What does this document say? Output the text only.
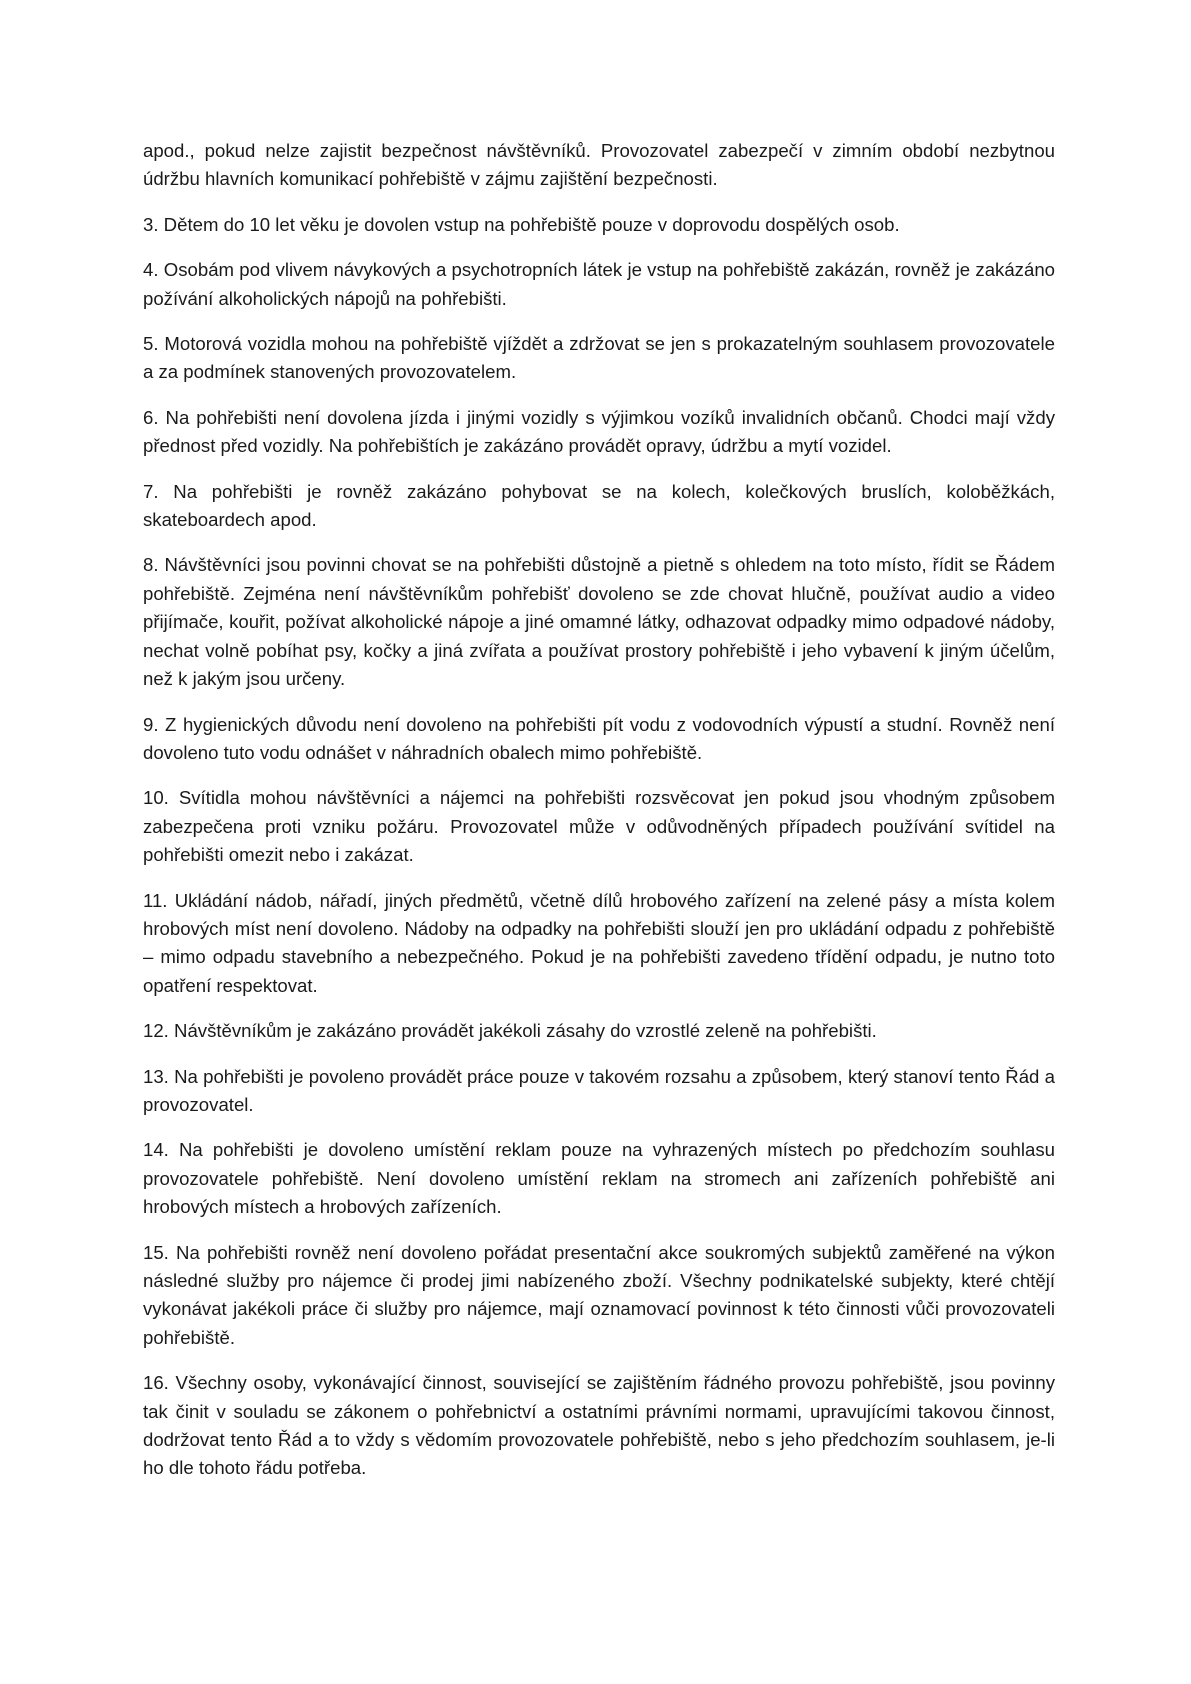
apod., pokud nelze zajistit bezpečnost návštěvníků. Provozovatel zabezpečí v zimním období nezbytnou údržbu hlavních komunikací pohřebiště v zájmu zajištění bezpečnosti.

3. Dětem do 10 let věku je dovolen vstup na pohřebiště pouze v doprovodu dospělých osob.

4. Osobám pod vlivem návykových a psychotropních látek je vstup na pohřebiště zakázán, rovněž je zakázáno požívání alkoholických nápojů na pohřebišti.

5. Motorová vozidla mohou na pohřebiště vjíždět a zdržovat se jen s prokazatelným souhlasem provozovatele a za podmínek stanovených provozovatelem.

6. Na pohřebišti není dovolena jízda i jinými vozidly s výjimkou vozíků invalidních občanů. Chodci mají vždy přednost před vozidly. Na pohřebištích je zakázáno provádět opravy, údržbu a mytí vozidel.

7. Na pohřebišti je rovněž zakázáno pohybovat se na kolech, kolečkových bruslích, koloběžkách, skateboardech apod.

8. Návštěvníci jsou povinni chovat se na pohřebišti důstojně a pietně s ohledem na toto místo, řídit se Řádem pohřebiště. Zejména není návštěvníkům pohřebišť dovoleno se zde chovat hlučně, používat audio a video přijímače, kouřit, požívat alkoholické nápoje a jiné omamné látky, odhazovat odpadky mimo odpadové nádoby, nechat volně pobíhat psy, kočky a jiná zvířata a používat prostory pohřebiště i jeho vybavení k jiným účelům, než k jakým jsou určeny.

9. Z hygienických důvodu není dovoleno na pohřebišti pít vodu z vodovodních výpustí a studní. Rovněž není dovoleno tuto vodu odnášet v náhradních obalech mimo pohřebiště.

10. Svítidla mohou návštěvníci a nájemci na pohřebišti rozsvěcovat jen pokud jsou vhodným způsobem zabezpečena proti vzniku požáru. Provozovatel může v odůvodněných případech používání svítidel na pohřebišti omezit nebo i zakázat.

11. Ukládání nádob, nářadí, jiných předmětů, včetně dílů hrobového zařízení na zelené pásy a místa kolem hrobových míst není dovoleno. Nádoby na odpadky na pohřebišti slouží jen pro ukládání odpadu z pohřebiště – mimo odpadu stavebního a nebezpečného. Pokud je na pohřebišti zavedeno třídění odpadu, je nutno toto opatření respektovat.

12. Návštěvníkům je zakázáno provádět jakékoli zásahy do vzrostlé zeleně na pohřebišti.

13. Na pohřebišti je povoleno provádět práce pouze v takovém rozsahu a způsobem, který stanoví tento Řád a provozovatel.

14. Na pohřebišti je dovoleno umístění reklam pouze na vyhrazených místech po předchozím souhlasu provozovatele pohřebiště. Není dovoleno umístění reklam na stromech ani zařízeních pohřebiště ani hrobových místech a hrobových zařízeních.

15. Na pohřebišti rovněž není dovoleno pořádat presentační akce soukromých subjektů zaměřené na výkon následné služby pro nájemce či prodej jimi nabízeného zboží. Všechny podnikatelské subjekty, které chtějí vykonávat jakékoli práce či služby pro nájemce, mají oznamovací povinnost k této činnosti vůči provozovateli pohřebiště.

16. Všechny osoby, vykonávající činnost, související se zajištěním řádného provozu pohřebiště, jsou povinny tak činit v souladu se zákonem o pohřebnictví a ostatními právními normami, upravujícími takovou činnost, dodržovat tento Řád a to vždy s vědomím provozovatele pohřebiště, nebo s jeho předchozím souhlasem, je-li ho dle tohoto řádu potřeba.
